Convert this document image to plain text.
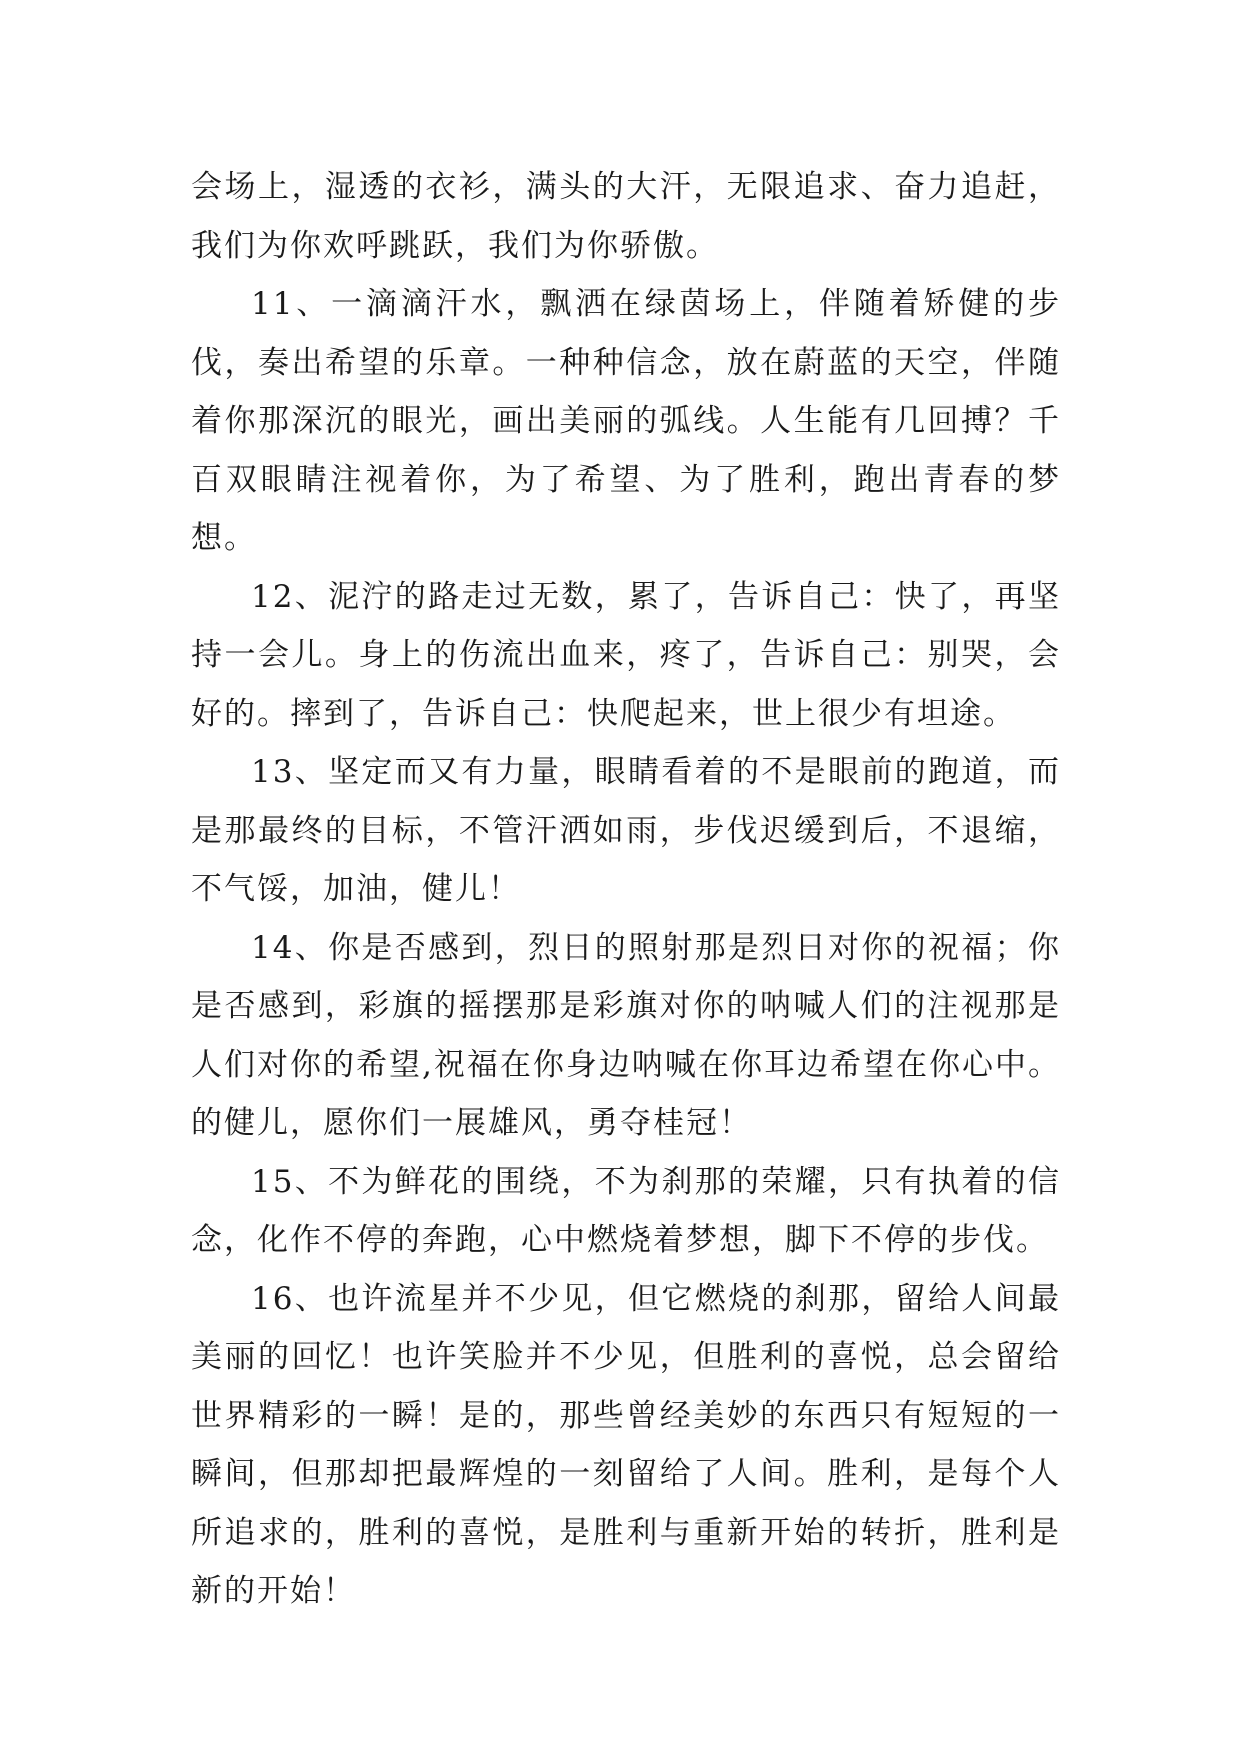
会场上，湿透的衣衫，满头的大汗，无限追求、奋力追赶，我们为你欢呼跳跃，我们为你骄傲。

11、一滴滴汗水，飘洒在绿茵场上，伴随着矫健的步伐，奏出希望的乐章。一种种信念，放在蔚蓝的天空，伴随着你那深沉的眼光，画出美丽的弧线。人生能有几回搏？千百双眼睛注视着你，为了希望、为了胜利，跑出青春的梦想。

12、泥泞的路走过无数，累了，告诉自己：快了，再坚持一会儿。身上的伤流出血来，疼了，告诉自己：别哭，会好的。摔到了，告诉自己：快爬起来，世上很少有坦途。

13、坚定而又有力量，眼睛看着的不是眼前的跑道，而是那最终的目标，不管汗洒如雨，步伐迟缓到后，不退缩，不气馁，加油，健儿！

14、你是否感到，烈日的照射那是烈日对你的祝福；你是否感到，彩旗的摇摆那是彩旗对你的呐喊人们的注视那是人们对你的希望,祝福在你身边呐喊在你耳边希望在你心中。的健儿，愿你们一展雄风，勇夺桂冠！

15、不为鲜花的围绕，不为刹那的荣耀，只有执着的信念，化作不停的奔跑，心中燃烧着梦想，脚下不停的步伐。

16、也许流星并不少见，但它燃烧的刹那，留给人间最美丽的回忆！也许笑脸并不少见，但胜利的喜悦，总会留给世界精彩的一瞬！是的，那些曾经美妙的东西只有短短的一瞬间，但那却把最辉煌的一刻留给了人间。胜利，是每个人所追求的，胜利的喜悦，是胜利与重新开始的转折，胜利是新的开始！
